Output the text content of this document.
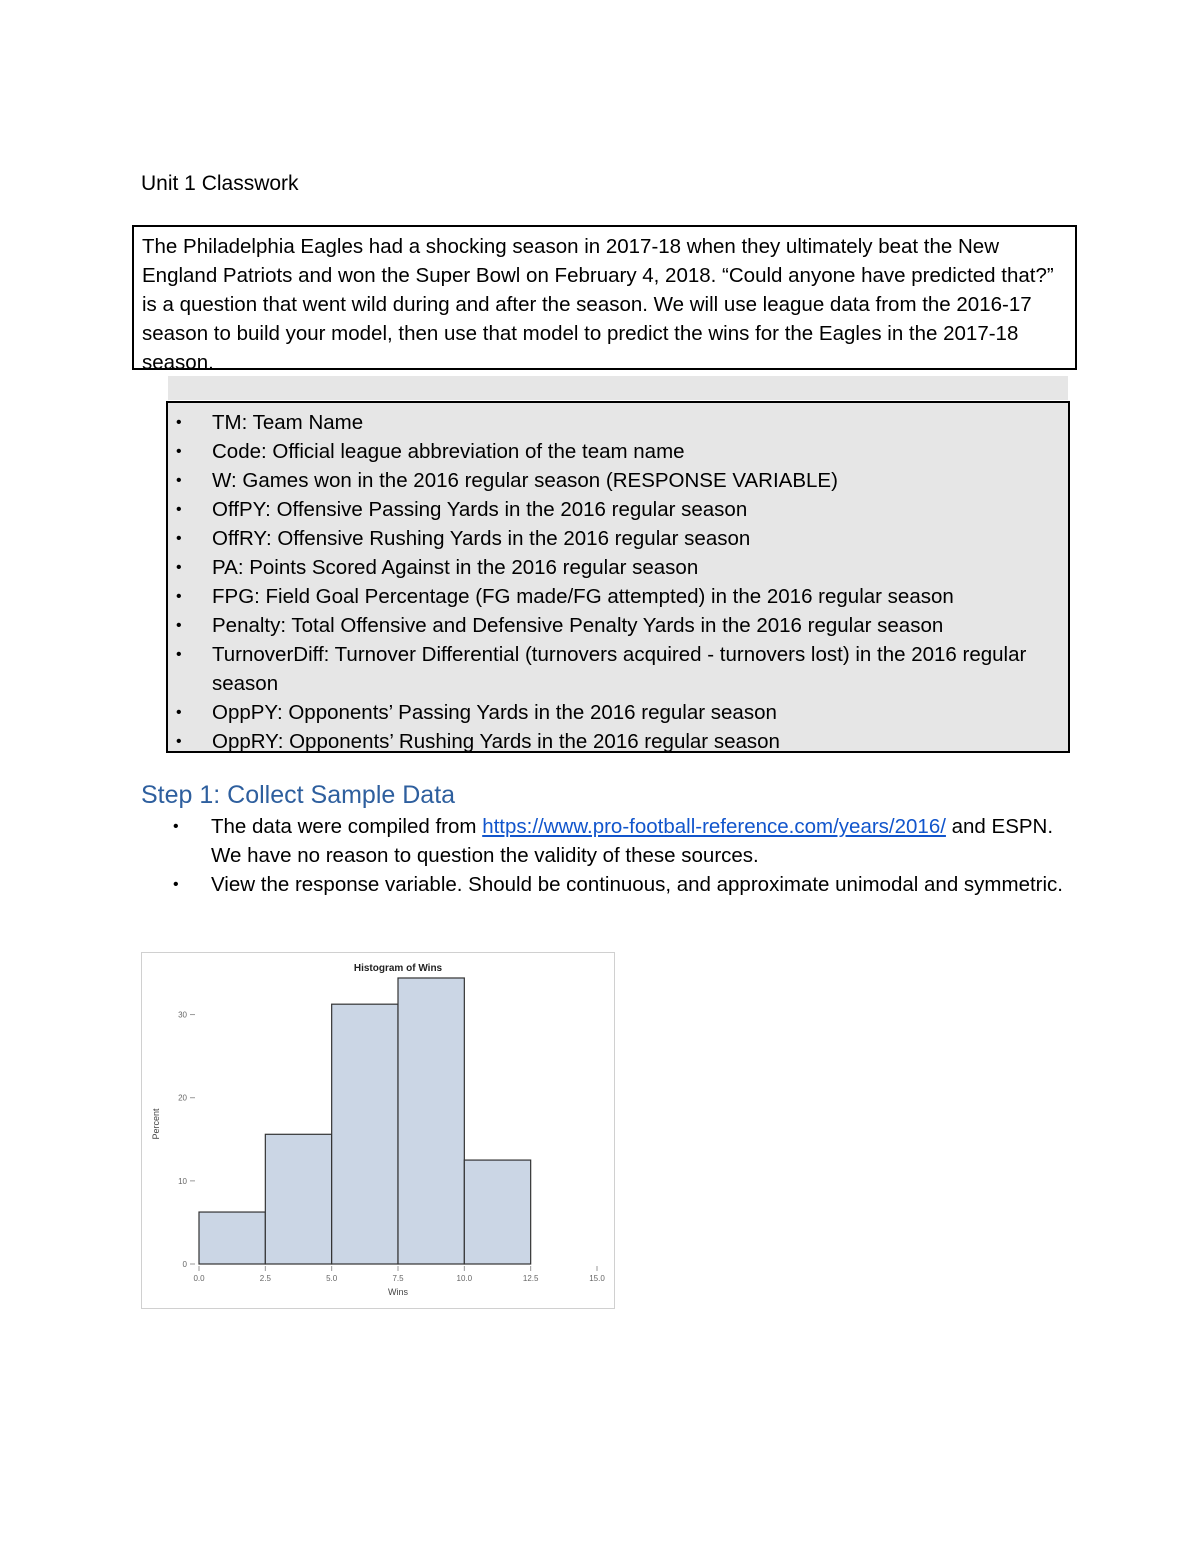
Unit 1 Classwork
The Philadelphia Eagles had a shocking season in 2017-18 when they ultimately beat the New England Patriots and won the Super Bowl on February 4, 2018. “Could anyone have predicted that?” is a question that went wild during and after the season. We will use league data from the 2016-17 season to build your model, then use that model to predict the wins for the Eagles in the 2017-18 season.
• TM: Team Name
• Code: Official league abbreviation of the team name
• W: Games won in the 2016 regular season (RESPONSE VARIABLE)
• OffPY: Offensive Passing Yards in the 2016 regular season
• OffRY: Offensive Rushing Yards in the 2016 regular season
• PA: Points Scored Against in the 2016 regular season
• FPG: Field Goal Percentage (FG made/FG attempted) in the 2016 regular season
• Penalty: Total Offensive and Defensive Penalty Yards in the 2016 regular season
• TurnoverDiff: Turnover Differential (turnovers acquired - turnovers lost) in the 2016 regular season
• OppPY: Opponents’ Passing Yards in the 2016 regular season
• OppRY: Opponents’ Rushing Yards in the 2016 regular season
Step 1: Collect Sample Data
• The data were compiled from https://www.pro-football-reference.com/years/2016/ and ESPN. We have no reason to question the validity of these sources.
• View the response variable. Should be continuous, and approximate unimodal and symmetric.
Histogram of Wins
Percent
Wins
0
10
20
30
0.0	2.5	5.0	7.5	10.0	12.5	15.0
